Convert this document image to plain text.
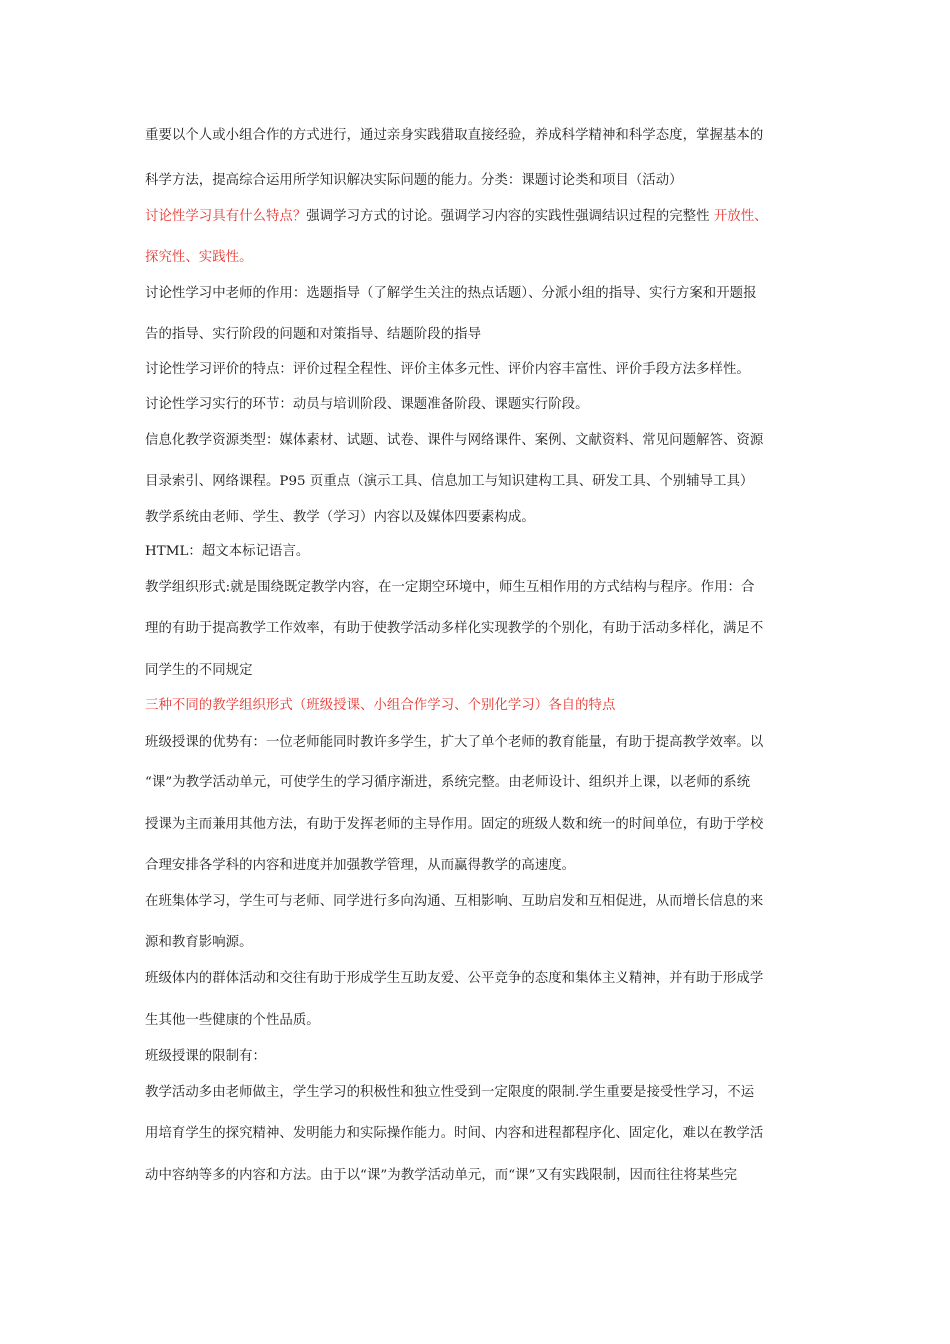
重要以个人或小组合作的方式进行，通过亲身实践猎取直接经验，养成科学精神和科学态度，掌握基本的
科学方法，提高综合运用所学知识解决实际问题的能力。分类：课题讨论类和项目（活动）
讨论性学习具有什么特点？强调学习方式的讨论。强调学习内容的实践性强调结识过程的完整性 开放性、
探究性、实践性。
讨论性学习中老师的作用：选题指导（了解学生关注的热点话题）、分派小组的指导、实行方案和开题报
告的指导、实行阶段的问题和对策指导、结题阶段的指导
讨论性学习评价的特点：评价过程全程性、评价主体多元性、评价内容丰富性、评价手段方法多样性。
讨论性学习实行的环节：动员与培训阶段、课题准备阶段、课题实行阶段。
信息化教学资源类型：媒体素材、试题、试卷、课件与网络课件、案例、文献资料、常见问题解答、资源
目录索引、网络课程。P95 页重点（演示工具、信息加工与知识建构工具、研发工具、个别辅导工具）
教学系统由老师、学生、教学（学习）内容以及媒体四要素构成。
HTML：超文本标记语言。
教学组织形式:就是围绕既定教学内容，在一定期空环境中，师生互相作用的方式结构与程序。作用：合
理的有助于提高教学工作效率，有助于使教学活动多样化实现教学的个别化，有助于活动多样化，满足不
同学生的不同规定
三种不同的教学组织形式（班级授课、小组合作学习、个别化学习）各自的特点
班级授课的优势有：一位老师能同时教许多学生，扩大了单个老师的教育能量，有助于提高教学效率。以
“课”为教学活动单元，可使学生的学习循序渐进，系统完整。由老师设计、组织并上课，以老师的系统
授课为主而兼用其他方法，有助于发挥老师的主导作用。固定的班级人数和统一的时间单位，有助于学校
合理安排各学科的内容和进度并加强教学管理，从而赢得教学的高速度。
在班集体学习，学生可与老师、同学进行多向沟通、互相影响、互助启发和互相促进，从而增长信息的来
源和教育影响源。
班级体内的群体活动和交往有助于形成学生互助友爱、公平竞争的态度和集体主义精神，并有助于形成学
生其他一些健康的个性品质。
班级授课的限制有：
教学活动多由老师做主，学生学习的积极性和独立性受到一定限度的限制.学生重要是接受性学习，不运
用培育学生的探究精神、发明能力和实际操作能力。时间、内容和进程都程序化、固定化，难以在教学活
动中容纳等多的内容和方法。由于以“课”为教学活动单元，而“课”又有实践限制，因而往往将某些完
